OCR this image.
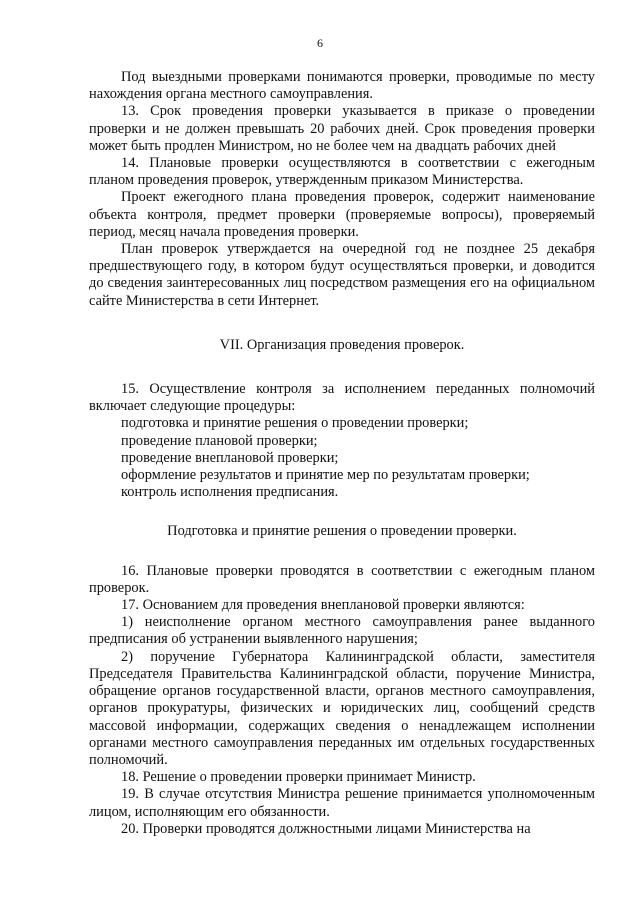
6

Под выездными проверками понимаются проверки, проводимые по месту нахождения органа местного самоуправления.

13. Срок проведения проверки указывается в приказе о проведении проверки и не должен превышать 20 рабочих дней. Срок проведения проверки может быть продлен Министром, но не более чем на двадцать рабочих дней

14. Плановые проверки осуществляются в соответствии с ежегодным планом проведения проверок, утвержденным приказом Министерства.

Проект ежегодного плана проведения проверок, содержит наименование объекта контроля, предмет проверки (проверяемые вопросы), проверяемый период, месяц начала проведения проверки.

План проверок утверждается на очередной год не позднее 25 декабря предшествующего году, в котором будут осуществляться проверки, и доводится до сведения заинтересованных лиц посредством размещения его на официальном сайте Министерства в сети Интернет.

VII. Организация проведения проверок.

15. Осуществление контроля за исполнением переданных полномочий включает следующие процедуры:

подготовка и принятие решения о проведении проверки;

проведение плановой проверки;

проведение внеплановой проверки;

оформление результатов и принятие мер по результатам проверки;

контроль исполнения предписания.

Подготовка и принятие решения о проведении проверки.

16. Плановые проверки проводятся в соответствии с ежегодным планом проверок.

17. Основанием для проведения внеплановой проверки являются:

1) неисполнение органом местного самоуправления ранее выданного предписания об устранении выявленного нарушения;

2) поручение Губернатора Калининградской области, заместителя Председателя Правительства Калининградской области, поручение Министра, обращение органов государственной власти, органов местного самоуправления, органов прокуратуры, физических и юридических лиц, сообщений средств массовой информации, содержащих сведения о ненадлежащем исполнении органами местного самоуправления переданных им отдельных государственных полномочий.

18. Решение о проведении проверки принимает Министр.

19. В случае отсутствия Министра решение принимается уполномоченным лицом, исполняющим его обязанности.

20. Проверки проводятся должностными лицами Министерства на
